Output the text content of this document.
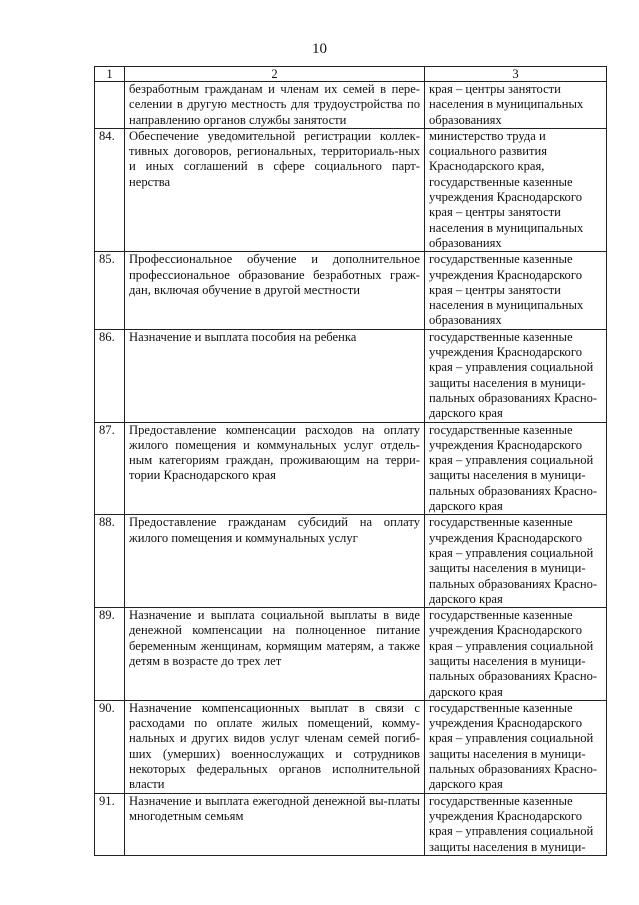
10
1	2	3
	безработным гражданам и членам их семей в пере-селении в другую местность для трудоустройства по направлению органов службы занятости	края – центры занятости населения в муниципальных образованиях
84.	Обеспечение уведомительной регистрации коллек-тивных договоров, региональных, территориаль-ных и иных соглашений в сфере социального парт-нерства	министерство труда и социального развития Краснодарского края, государственные казенные учреждения Краснодарского края – центры занятости населения в муниципальных образованиях
85.	Профессиональное обучение и дополнительное профессиональное образование безработных граж-дан, включая обучение в другой местности	государственные казенные учреждения Краснодарского края – центры занятости населения в муниципальных образованиях
86.	Назначение и выплата пособия на ребенка	государственные казенные учреждения Краснодарского края – управления социальной защиты населения в муници-пальных образованиях Красно-дарского края
87.	Предоставление компенсации расходов на оплату жилого помещения и коммунальных услуг отдель-ным категориям граждан, проживающим на терри-тории Краснодарского края	государственные казенные учреждения Краснодарского края – управления социальной защиты населения в муници-пальных образованиях Красно-дарского края
88.	Предоставление гражданам субсидий на оплату жилого помещения и коммунальных услуг	государственные казенные учреждения Краснодарского края – управления социальной защиты населения в муници-пальных образованиях Красно-дарского края
89.	Назначение и выплата социальной выплаты в виде денежной компенсации на полноценное питание беременным женщинам, кормящим матерям, а также детям в возрасте до трех лет	государственные казенные учреждения Краснодарского края – управления социальной защиты населения в муници-пальных образованиях Красно-дарского края
90.	Назначение компенсационных выплат в связи с расходами по оплате жилых помещений, комму-нальных и других видов услуг членам семей погиб-ших (умерших) военнослужащих и сотрудников некоторых федеральных органов исполнительной власти	государственные казенные учреждения Краснодарского края – управления социальной защиты населения в муници-пальных образованиях Красно-дарского края
91.	Назначение и выплата ежегодной денежной вы-платы многодетным семьям	государственные казенные учреждения Краснодарского края – управления социальной защиты населения в муници-
